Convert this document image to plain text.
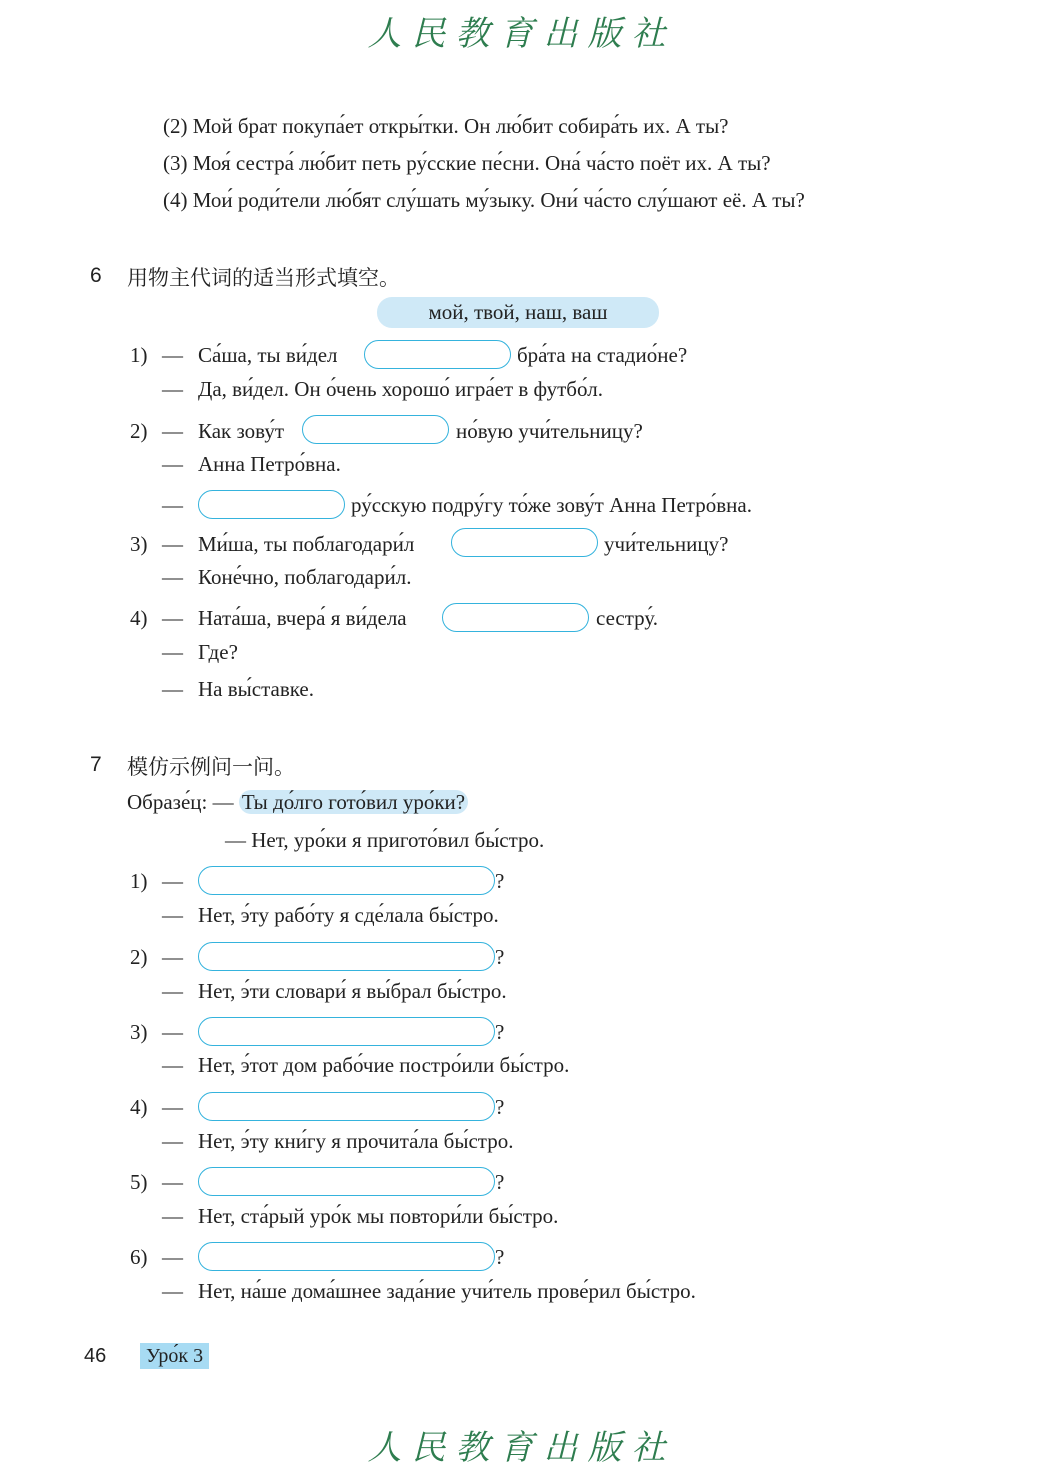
人民教育出版社
(2) Мой брат покупа́ет откры́тки. Он лю́бит собира́ть их. А ты?
(3) Моя́ сестра́ лю́бит петь ру́сские пе́сни. Она́ ча́сто поёт их. А ты?
(4) Мои́ роди́тели лю́бят слу́шать му́зыку. Они́ ча́сто слу́шают её. А ты?
6 用物主代词的适当形式填空。
мой, твой, наш, ваш
1) — Са́ша, ты ви́дел	бра́та на стадио́не?
— Да, ви́дел. Он о́чень хорошо́ игра́ет в футбо́л.
2) — Как зову́т	но́вую учи́тельницу?
— Анна Петро́вна.
—	ру́сскую подру́гу то́же зову́т Анна Петро́вна.
3) — Ми́ша, ты поблагодари́л	учи́тельницу?
— Коне́чно, поблагодари́л.
4) — Ната́ша, вчера́ я ви́дела	сестру́.
— Где?
— На вы́ставке.
7 模仿示例问一问。
Образе́ц: — Ты до́лго гото́вил уро́ки?
— Нет, уро́ки я пригото́вил бы́стро.
1) —	?
— Нет, э́ту рабо́ту я сде́лала бы́стро.
2) —	?
— Нет, э́ти словари́ я вы́брал бы́стро.
3) —	?
— Нет, э́тот дом рабо́чие постро́или бы́стро.
4) —	?
— Нет, э́ту кни́гу я прочита́ла бы́стро.
5) —	?
— Нет, ста́рый уро́к мы повтори́ли бы́стро.
6) —	?
— Нет, на́ше дома́шнее зада́ние учи́тель прове́рил бы́стро.
46	Уро́к 3
人民教育出版社
